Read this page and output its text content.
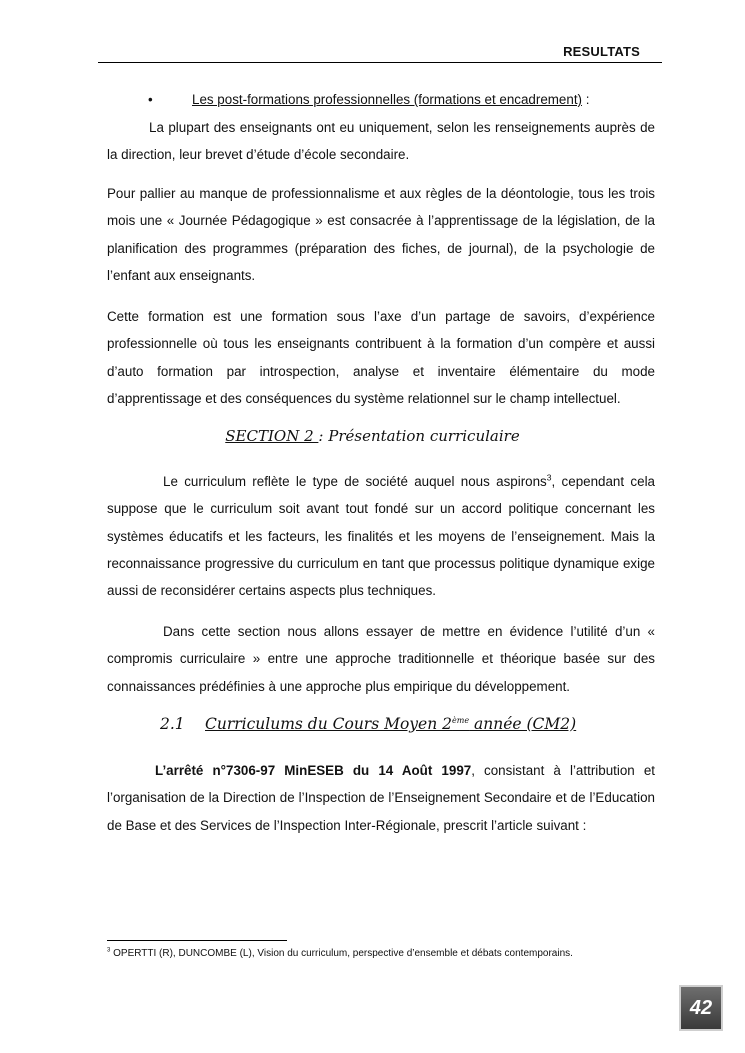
RESULTATS
•	Les post-formations professionnelles (formations et encadrement) :

La plupart des enseignants ont eu uniquement, selon les renseignements auprès de la direction, leur brevet d’étude d’école secondaire.

Pour pallier au manque de professionnalisme et aux règles de la déontologie, tous les trois mois une « Journée Pédagogique » est consacrée à l’apprentissage de la législation, de la planification des programmes (préparation des fiches, de journal), de la psychologie de l’enfant aux enseignants.

Cette formation est une formation sous l’axe d’un partage de savoirs, d’expérience professionnelle où tous les enseignants contribuent à la formation d’un compère et aussi d’auto formation par introspection, analyse et inventaire élémentaire du mode d’apprentissage et des conséquences du système relationnel sur le champ intellectuel.

SECTION 2 : Présentation curriculaire

Le curriculum reflète le type de société auquel nous aspirons$^3$, cependant cela suppose que le curriculum soit avant tout fondé sur un accord politique concernant les systèmes éducatifs et les facteurs, les finalités et les moyens de l’enseignement. Mais la reconnaissance progressive du curriculum en tant que processus politique dynamique exige aussi de reconsidérer certains aspects plus techniques.

Dans cette section nous allons essayer de mettre en évidence l’utilité d’un « compromis curriculaire » entre une approche traditionnelle et théorique basée sur des connaissances prédéfinies à une approche plus empirique du développement.

2.1 Curriculums du Cours Moyen 2ème année (CM2)

L’arrêté n°7306-97 MinESEB du 14 Août 1997, consistant à l’attribution et l’organisation de la Direction de l’Inspection de l’Enseignement Secondaire et de l’Education de Base et des Services de l’Inspection Inter-Régionale, prescrit l’article suivant :

$^3$ OPERTTI (R), DUNCOMBE (L), Vision du curriculum, perspective d’ensemble et débats contemporains.
42
